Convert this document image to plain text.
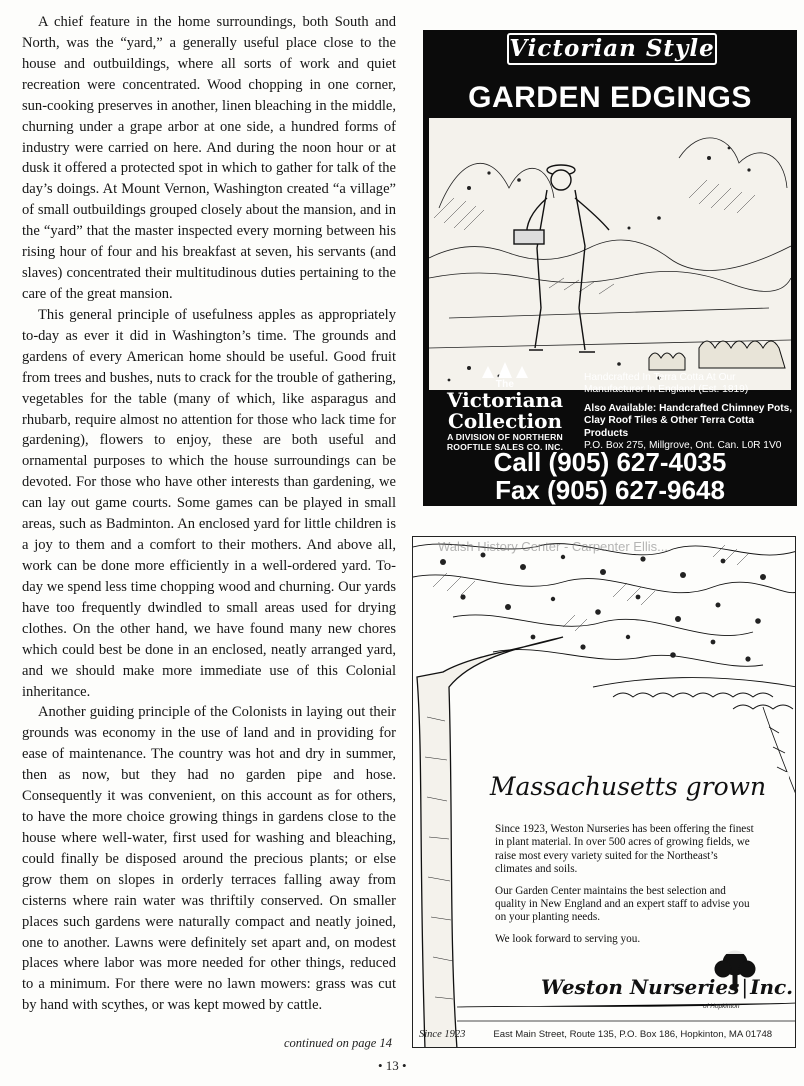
A chief feature in the home surroundings, both South and North, was the “yard,” a generally useful place close to the house and outbuildings, where all sorts of work and quiet recreation were concentrated. Wood chopping in one corner, sun-cooking preserves in another, linen bleaching in the middle, churning under a grape arbor at one side, a hundred forms of industry were carried on here. And during the noon hour or at dusk it offered a protected spot in which to gather for talk of the day’s doings. At Mount Vernon, Washington created “a village” of small outbuildings grouped closely about the mansion, and in the “yard” that the master inspected every morning between his rising hour of four and his breakfast at seven, his servants (and slaves) concentrated their multitudinous duties pertaining to the care of the great mansion.

This general principle of usefulness apples as appropriately to-day as ever it did in Washington’s time. The grounds and gardens of every American home should be useful. Good fruit from trees and bushes, nuts to crack for the trouble of gathering, vegetables for the table (many of which, like asparagus and rhubarb, require almost no attention for those who lack time for gardening), flowers to enjoy, these are both useful and ornamental purposes to which the house surroundings can be devoted. For those who have other interests than gardening, we can lay out game courts. Some games can be played in small areas, such as Badminton. An enclosed yard for little children is a joy to them and a comfort to their mothers. And above all, work can be done more efficiently in a well-ordered yard. To-day we spend less time chopping wood and churning. Our yards have too frequently dwindled to small areas used for drying clothes. On the other hand, we have found many new chores which could best be done in an enclosed, neatly arranged yard, and we should make more immediate use of this Colonial inheritance.

Another guiding principle of the Colonists in laying out their grounds was economy in the use of land and in providing for ease of maintenance. The country was hot and dry in summer, then as now, but they had no garden pipe and hose. Consequently it was convenient, on this account as for others, to have the more choice growing things in gardens close to the house where well-water, first used for washing and bleaching, could finally be disposed around the precious plants; or else grow them on slopes in orderly terraces falling away from cisterns where rain water was thriftily conserved. On smaller places such gardens were naturally compact and neatly joined, one to another. Lawns were definitely set apart and, on modest places where labor was more needed for other things, reduced to a minimum. For there were no lawn mowers: grass was cut by hand with scythes, or was kept mowed by cattle.

continued on page 14
• 13 •
Victorian Style
GARDEN EDGINGS
The
Victoriana
Collection
A DIVISION OF NORTHERN
ROOFTILE SALES CO. INC.
Handcrafted In Terra Cotta At Our
Manufacturer In England (Est. 1819)
Also Available: Handcrafted Chimney Pots,
Clay Roof Tiles & Other Terra Cotta Products
P.O. Box 275, Millgrove, Ont. Can. L0R 1V0
Call (905) 627-4035
Fax (905) 627-9648
Massachusetts grown

Since 1923, Weston Nurseries has been offering the finest in plant material. In over 500 acres of growing fields, we raise most every variety suited for the Northeast’s climates and soils.

Our Garden Center maintains the best selection and quality in New England and an expert staff to advise you on your planting needs.

We look forward to serving you.

Weston Nurseries | Inc.
of Hopkinton
Since 1923	East Main Street, Route 135, P.O. Box 186, Hopkinton, MA 01748
Walsh History Center - Carpenter Ellis...
